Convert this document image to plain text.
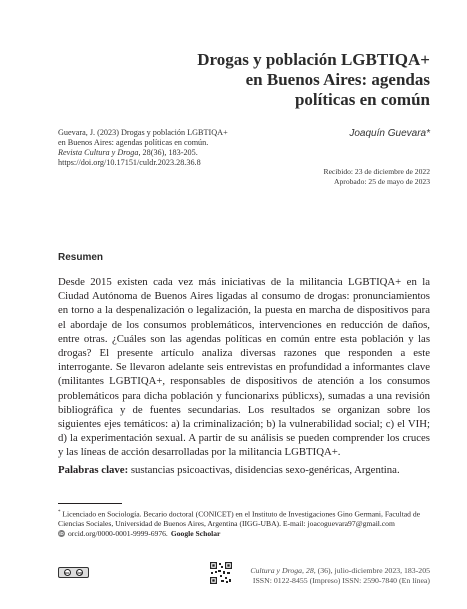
Drogas y población LGBTIQA+
en Buenos Aires: agendas
políticas en común
Guevara, J. (2023) Drogas y población LGBTIQA+
en Buenos Aires: agendas políticas en común.
Revista Cultura y Droga, 28(36), 183-205.
https://doi.org/10.17151/culdr.2023.28.36.8
Joaquín Guevara*
Recibido: 23 de diciembre de 2022
Aprobado: 25 de mayo de 2023
Resumen

Desde 2015 existen cada vez más iniciativas de la militancia LGBTIQA+ en la Ciudad Autónoma de Buenos Aires ligadas al consumo de drogas: pronunciamientos en torno a la despenalización o legalización, la puesta en marcha de dispositivos para el abordaje de los consumos problemáticos, intervenciones en reducción de daños, entre otras. ¿Cuáles son las agendas políticas en común entre esta población y las drogas? El presente artículo analiza diversas razones que responden a este interrogante. Se llevaron adelante seis entrevistas en profundidad a informantes clave (militantes LGBTIQA+, responsables de dispositivos de atención a los consumos problemáticos para dicha población y funcionarixs públicxs), sumadas a una revisión bibliográfica y de fuentes secundarias. Los resultados se organizan sobre los siguientes ejes temáticos: a) la criminalización; b) la vulnerabilidad social; c) el VIH; d) la experimentación sexual. A partir de su análisis se pueden comprender los cruces y las líneas de acción desarrolladas por la militancia LGBTIQA+.

Palabras clave: sustancias psicoactivas, disidencias sexo-genéricas, Argentina.

* Licenciado en Sociología. Becario doctoral (CONICET) en el Instituto de Investigaciones Gino Germani, Facultad de Ciencias Sociales, Universidad de Buenos Aires, Argentina (IIGG-UBA). E-mail: joacoguevara97@gmail.com
iD orcid.org/0000-0001-9999-6976. Google Scholar
cc	by	Cultura y Droga, 28, (36), julio-diciembre 2023, 183-205
ISSN: 0122-8455 (Impreso) ISSN: 2590-7840 (En línea)
